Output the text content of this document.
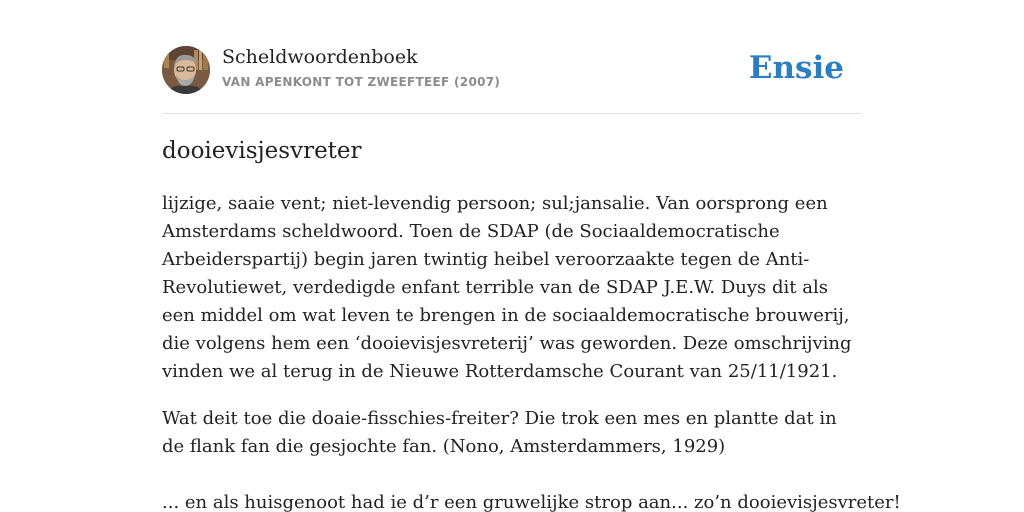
Scheldwoordenboek
VAN APENKONT TOT ZWEEFTEEF (2007)	Ensie
dooievisjesvreter

lijzige, saaie vent; niet-levendig persoon; sul;jansalie. Van oorsprong een Amsterdams scheldwoord. Toen de SDAP (de Sociaaldemocratische Arbeiderspartij) begin jaren twintig heibel veroorzaakte tegen de Anti-Revolutiewet, verdedigde enfant terrible van de SDAP J.E.W. Duys dit als een middel om wat leven te brengen in de sociaaldemocratische brouwerij, die volgens hem een ‘dooievisjesvreterij’ was geworden. Deze omschrijving vinden we al terug in de Nieuwe Rotterdamsche Courant van 25/11/1921.

Wat deit toe die doaie-fisschies-freiter? Die trok een mes en plantte dat in de flank fan die gesjochte fan. (Nono, Amsterdammers, 1929)

... en als huisgenoot had ie d’r een gruwelijke strop aan... zo’n dooievisjesvreter!
